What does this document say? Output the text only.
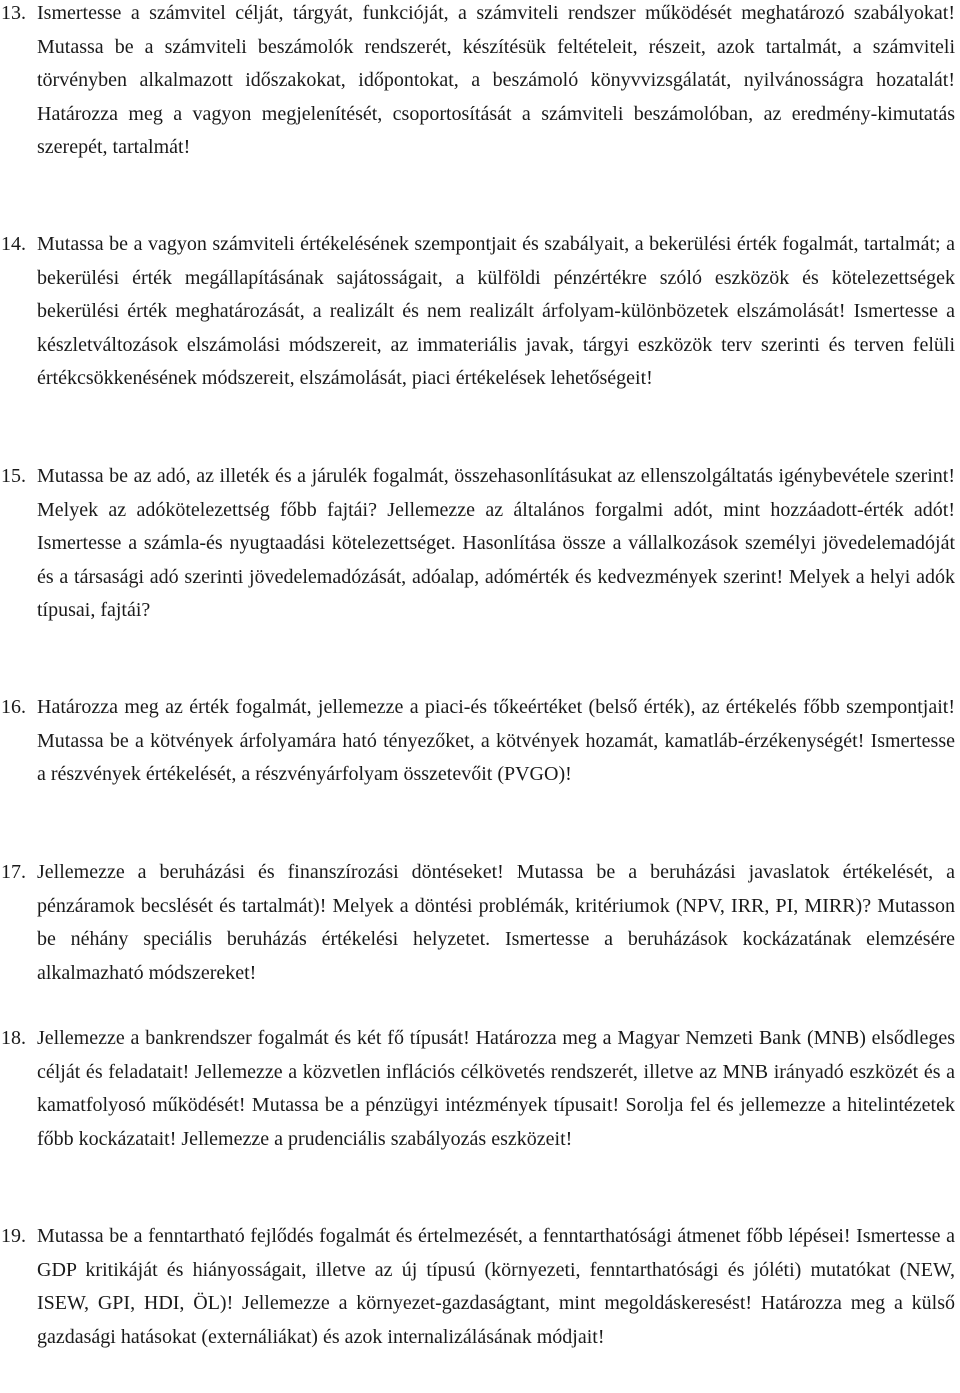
13. Ismertesse a számvitel célját, tárgyát, funkcióját, a számviteli rendszer működését meghatározó szabályokat! Mutassa be a számviteli beszámolók rendszerét, készítésük feltételeit, részeit, azok tartalmát, a számviteli törvényben alkalmazott időszakokat, időpontokat, a beszámoló könyvvizsgálatát, nyilvánosságra hozatalát! Határozza meg a vagyon megjelenítését, csoportosítását a számviteli beszámolóban, az eredmény-kimutatás szerepét, tartalmát!

14. Mutassa be a vagyon számviteli értékelésének szempontjait és szabályait, a bekerülési érték fogalmát, tartalmát; a bekerülési érték megállapításának sajátosságait, a külföldi pénzértékre szóló eszközök és kötelezettségek bekerülési érték meghatározását, a realizált és nem realizált árfolyam-különbözetek elszámolását! Ismertesse a készletváltozások elszámolási módszereit, az immateriális javak, tárgyi eszközök terv szerinti és terven felüli értékcsökkenésének módszereit, elszámolását, piaci értékelések lehetőségeit!

15. Mutassa be az adó, az illeték és a járulék fogalmát, összehasonlításukat az ellenszolgáltatás igénybevétele szerint! Melyek az adókötelezettség főbb fajtái? Jellemezze az általános forgalmi adót, mint hozzáadott-érték adót! Ismertesse a számla-és nyugtaadási kötelezettséget. Hasonlítása össze a vállalkozások személyi jövedelemadóját és a társasági adó szerinti jövedelemadózását, adóalap, adómérték és kedvezmények szerint! Melyek a helyi adók típusai, fajtái?

16. Határozza meg az érték fogalmát, jellemezze a piaci-és tőkeértéket (belső érték), az értékelés főbb szempontjait! Mutassa be a kötvények árfolyamára ható tényezőket, a kötvények hozamát, kamatláb-érzékenységét! Ismertesse a részvények értékelését, a részvényárfolyam összetevőit (PVGO)!

17. Jellemezze a beruházási és finanszírozási döntéseket! Mutassa be a beruházási javaslatok értékelését, a pénzáramok becslését és tartalmát)! Melyek a döntési problémák, kritériumok (NPV, IRR, PI, MIRR)? Mutasson be néhány speciális beruházás értékelési helyzetet. Ismertesse a beruházások kockázatának elemzésére alkalmazható módszereket!

18. Jellemezze a bankrendszer fogalmát és két fő típusát! Határozza meg a Magyar Nemzeti Bank (MNB) elsődleges célját és feladatait! Jellemezze a közvetlen inflációs célkövetés rendszerét, illetve az MNB irányadó eszközét és a kamatfolyosó működését! Mutassa be a pénzügyi intézmények típusait! Sorolja fel és jellemezze a hitelintézetek főbb kockázatait! Jellemezze a prudenciális szabályozás eszközeit!

19. Mutassa be a fenntartható fejlődés fogalmát és értelmezését, a fenntarthatósági átmenet főbb lépései! Ismertesse a GDP kritikáját és hiányosságait, illetve az új típusú (környezeti, fenntarthatósági és jóléti) mutatókat (NEW, ISEW, GPI, HDI, ÖL)! Jellemezze a környezet-gazdaságtant, mint megoldáskeresést! Határozza meg a külső gazdasági hatásokat (externáliákat) és azok internalizálásának módjait!
